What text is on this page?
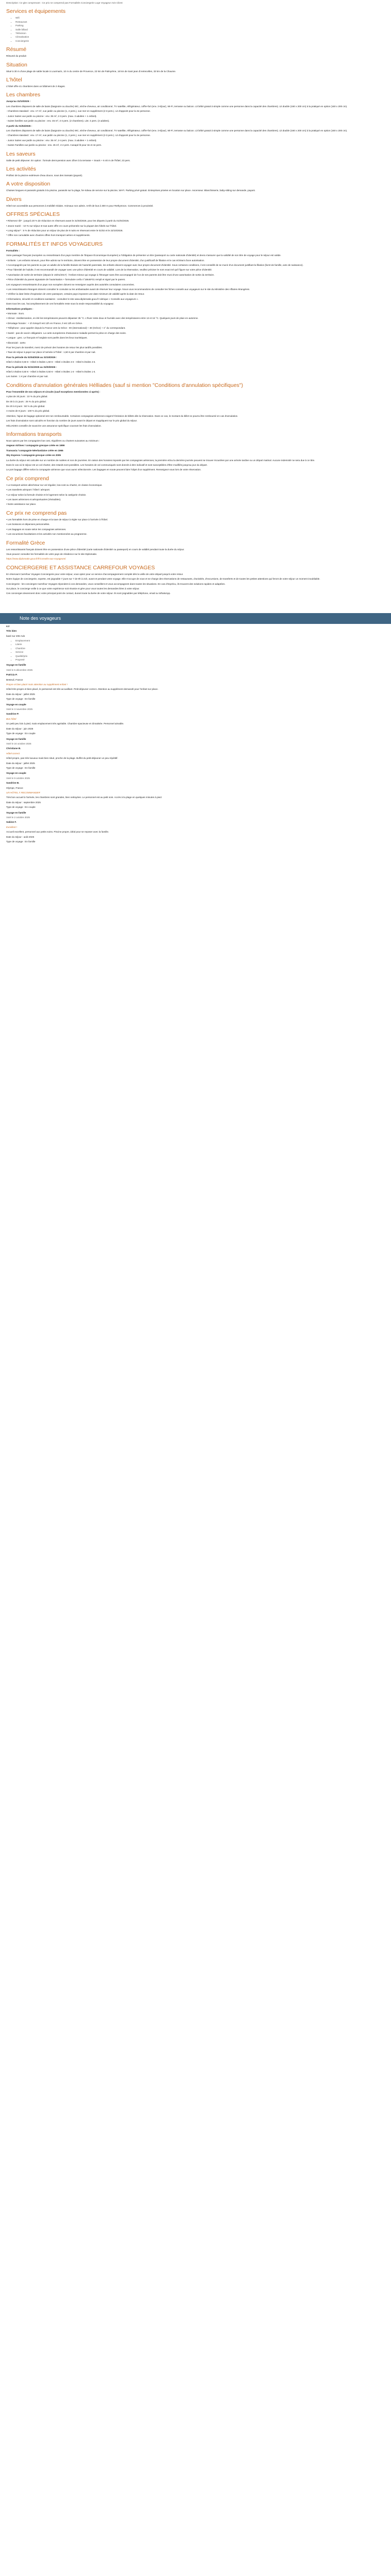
Description: Ce gite comprenant : Ce prix ne comprend pas Formalités Conciergerie Loge Voyageur Avis Client

Services et équipements
• Wifi
• Restaurant
• Parking
• Salle billard
• Télévision
• Climatisation
• Conciergerie
Résumé

Résumé du produit

Situation

Situé à 30 m d'une plage de sable locale à Lourmarin, 10 m du centre de Provence, 22 km de Palmyrène, 16 km de Sant jean d'Aetrecelles, 33 km de la Chaume.

L'hôtel

L'hôtel offre 41 chambres dans un bâtiment de 2 étages.

Les chambres

Jusqu'au 31/10/2025 :

Les chambres disposent de salle de bains (baignoire ou douche) WC, sèche-cheveux, air conditionné, TV satellite, réfrigérateur, coffre-fort (env. 3 €/jour), Wi-Fi, terrasse ou balcon. Lit bébé gratuit à simple comme une personne dans la capacité des chambres). Lit double (160 x 200 cm) à la pratiqué en option (160 x 200 cm).

- Chambres standard : env. 17 m², vue jardin ou piscine (1, 2 pers.), vue mer en supplément (2-3 pers.). Lit d'appoint pour la 3e personne.

- Junior Suites vue jardin ou piscine : env. 35 m², 2-3 pers. (max. 3 adultes + 1 enfant).

- Suites familles vue jardin ou piscine : env. 45 m², 2-4 pers. (2 chambres). Lits: 4 pers. (4 adultes).

A partir du 01/04/2026 :

Les chambres disposent de salle de bains (baignoire ou douche) WC, sèche-cheveux, air conditionné, TV satellite, réfrigérateur, coffre-fort (env. 3 €/jour), Wi-Fi, terrasse ou balcon. Lit bébé gratuit à simple comme une personne dans la capacité des chambres). Lit double (160 x 200 cm) à la pratiqué en option (160 x 200 cm).

- Chambres standard : env. 17 m², vue jardin ou piscine (1, 2 pers.), vue mer en supplément (2-3 pers.). Lit d'appoint pour la 3e personne.

- Junior Suites vue jardin ou piscine : env. 35 m², 2-4 pers. (max. 3 adultes + 1 enfant).

- Suites Familles vue jardin ou piscine : env. 45 m², 2-4 pers. Canapé-lit pour 3e et 4e pers.

Les saveurs

Salle de petit déjeuner. En option : formule demi-pension avec dîner à la terrasse + Snack + 6 40 m de l'hôtel, 23 pers.

Les activités

Profitez de la piscine extérieure d'eau douce, sous des transats (payant).

A votre disposition

Chaises longues et parasols gratuits à la piscine, parasols sur la plage, fer-rideau de service sur la piscine, Wi-Fi. Parking privé gratuit. Entreprises privées en location sur place. Ascenseur. Blanchisserie, baby-sitting sur demande, payant.

Divers

Hôtel non accessible aux personnes à mobilité réduite. Animaux non admis. Arrêt de bus à 300 m pour Rethymnon. Commerces à proximité.

OFFRES SPÉCIALES

• Réservez tôt* : jusqu'à 20 % de réduction en réservant avant le 31/03/2026, pour les départs à partir du 01/04/2026.

• Jeune marié : -10 % sur séjour et tout autre offre en cours présentée sur la plupart des hôtels sur l'hôtel.

• Long séjour* : 5 % de réduction pour un séjour de plus de 8 nuits en réservant entre le 01/02 et le 22/10/2026.

* Offre non cumulable avec d'autres offres hors transport aérien et suppléments.

FORMALITÉS ET INFOS VOYAGEURS

Formalités :

Votre passager français (européen ou ressortissant d'un pays membre de l'Espace Économique Européen) a l'obligation de présenter un titre (passeport ou carte nationale d'identité) et devra s'assurer que la validité de son titre de voyage pour le séjour est valide.

• Enfants : Les enfants mineurs, pour être admis sur le territoire, doivent être en possession de leur propre document d'identité, d'un justificatif de filiation et le cas échéant d'une autorisation.

• Accompagnés par les parents ou par un adulte de la famille titulaire de l'autorité parentale, les enfants doivent voyager avec leur propre document d'identité. Sous certaines conditions, il est conseillé de se munir d'un document justifiant la filiation (livret de famille, acte de naissance).

• Pour l'identité de l'adulte, il est recommandé de voyager avec une pièce d'identité en cours de validité. Lors de la réservation, veuillez préciser le nom exact tel qu'il figure sur votre pièce d'identité.

• Autorisation de sortie de territoire (depuis le 15/01/2017) : l'enfant mineur qui voyage à l'étranger sans être accompagné de l'un de ses parents doit être muni d'une autorisation de sortie du territoire.

• Pièce d'identité du parent signataire de l'autorisation + formulaire cerfa n°15646*01 rempli et signé par le parent.

Les voyageurs ressortissants d'un pays non européen doivent se renseigner auprès des autorités consulaires concernées.

• Les ressortissants étrangers doivent consulter le consulat ou les ambassades avant de réserver leur voyage. Nous vous recommandons de consulter les fiches conseils aux voyageurs sur le site du Ministère des Affaires étrangères.

• Vérifiez la date limite d'expiration de votre passeport, certains pays imposent une date minimum de validité après la date de retour.

• Informations, sécurité et conditions sanitaires : consultez le site www.diplomatie.gouv.fr rubrique « Conseils aux voyageurs ».

Dans tous les cas, l'accomplissement de ces formalités reste sous la seule responsabilité du voyageur.

Informations pratiques :

• Monnaie : Euro.

• Climat : méditerranéen, en été les températures peuvent dépasser 35 °C. L'hiver reste doux et humide avec des températures entre 12 et 16 °C. Quelques jours de pluie en automne.

• Décalage horaire : + 1h lorsqu'il est 12h en France, il est 13h en Grèce.

• Téléphone : pour appeler depuis la France vers la Grèce : 00 (international) + 30 (Grèce) + n° du correspondant.

• Santé : pas de vaccin obligatoire. La carte européenne d'assurance maladie permet la prise en charge des soins.

• Langue : grec. Le français et l'anglais sont parlés dans les lieux touristiques.

• Électricité : 220V.

Pour les jours de transfert, merci de prévoir des horaires de retour les plus tardifs possibles.

• Taxe de séjour à payer sur place à l'arrivée à l'hôtel : 1,50 € par chambre et par nuit.

Pour la période du 01/04/2026 au 31/10/2026 :

Hôtel 2 étoiles 0,50 € - Hôtel 3 étoiles 1,50 € - Hôtel 4 étoiles 3 € - Hôtel 5 étoiles 4 €.

Pour la période du 01/11/2025 au 31/03/2026 :

Hôtel 2 étoiles 0,50 € - Hôtel 3 étoiles 0,50 € - Hôtel 4 étoiles 1 € - Hôtel 5 étoiles 1 €.

Les Suites : 1 € par chambre et par nuit.

Conditions d'annulation générales Hélliades (sauf si mention "Conditions d'annulation spécifiques")

Pour l'ensemble de nos séjours et circuits (sauf exceptions mentionnées ci-après) :

A plus de 30 jours : 10 % du prix global.

De 30 à 21 jours : 25 % du prix global.

De 20 à 8 jours : 50 % du prix global.

A moins de 8 jours : 100 % du prix global.

Attention, l'ajout de bagage optionnel est non remboursable. Certaines compagnies aériennes exigent l'émission de billets dès la réservation. Dans ce cas, le montant du billet ne pourra être remboursé en cas d'annulation.

Les frais d'annulation sont calculés en fonction du nombre de jours avant le départ et s'appliquent sur le prix global du séjour.

HÉLIADES conseille de souscrire une assurance spécifique couvrant les frais d'annulation.

Informations transports

Nous optons par les compagnies low cost, régulières ou charters suivantes au minimum :

Aegean Airlines / compagnie grecque créée en 1999

Transavia / compagnie Néerlandaise créée en 1965

Sky Express / compagnie grecque créée en 2005

La durée du séjour est calculée sur un nombre de nuitées et non de journées. En raison des horaires imposés par les compagnies aériennes, la première et/ou la dernière journée peuvent se trouver écourtées par une arrivée tardive ou un départ matinal. Aucune indemnité ne sera due à ce titre.

Dans le cas où le séjour est un vol charter, des retards sont possibles. Les horaires de vol communiqués sont donnés à titre indicatif et sont susceptibles d'être modifiés jusqu'au jour du départ.

Le port bagage diffère selon la compagnie aérienne que vous aurez sélectionnée. Les bagages en soute peuvent faire l'objet d'un supplément. Renseignez-vous lors de votre réservation.

Ce prix comprend

• Le transport aérien aller/retour sur vol régulier, low-cost ou charter, en classe économique.

• Les transferts aéroport / hôtel / aéroport.

• Le séjour selon la formule choisie et le logement selon la catégorie choisie.

• Les taxes aériennes et aéroportuaires (révisables).

• Notre assistance sur place.

Ce prix ne comprend pas

• Les formalités hors de prise en charge et la taxe de séjour à régler sur place à l'arrivée à l'hôtel.

• Les boissons et dépenses personnelles.

• Les bagages en soute selon les compagnies aériennes.

• Les excursions facultatives et les activités non mentionnées au programme.

Formalité Grèce

Les ressortissants français doivent être en possession d'une pièce d'identité (carte nationale d'identité ou passeport) en cours de validité pendant toute la durée du séjour.

Vous pouvez consulter les formalités de votre pays de résidence sur le site Diplomatie.

https://www.diplomatie.gouv.fr/fr/conseils-aux-voyageurs/

CONCIERGERIE ET ASSISTANCE CARREFOUR VOYAGES

En réservant Carrefour Voyages Conciergerie pour votre séjour, vous optez pour un service d'accompagnement complet dès la veille de votre départ jusqu'à votre retour.

Notre équipe de conciergerie, experte, est joignable 7 jours sur 7 de 9h à 21h, avant et pendant votre voyage. Elle s'occupe de vous et se charge des réservations de restaurants, d'activités, d'excursions, de transferts et de toutes les petites attentions qui feront de votre séjour un moment inoubliable.

Conciergerie : les concierges Carrefour Voyages répondent à vos demandes, vous conseillent et vous accompagnent dans toutes les situations. En cas d'imprévu, ils trouvent des solutions rapides et adaptées.

Sur place, le concierge veille à ce que votre expérience soit réussie et gère pour vous toutes les demandes liées à votre séjour.

Ces concierges deviennent donc votre principal point de contact, durant toute la durée de votre séjour. Ils sont joignables par téléphone, email ou WhatsApp.

Note des voyageurs

4.2

Très bien

basé sur 206 Avis

• Emplacement
• Literie
• Chambre
• Service
• Qualité/prix
• Propreté

Voyage en famille

Voté le 5 décembre 2025

Patricia P.

Breteuil, France

Propre et bien placé mais attention au supplément enfant !

Hôtel très propre et bien placé, le personnel est très accueillant. Petit-déjeuner correct. Attention au supplément demandé pour l'enfant sur place.

Date du séjour : juillet 2025

Type de voyage : En famille

Voyage en couple

Voté le 3 novembre 2025

Sandrine P.

Bon hôtel

Un petit peu loin à pied, mais emplacement très agréable. Chambre spacieuse et climatisée. Personnel aimable.

Date du séjour : juin 2025

Type de voyage : En couple

Voyage en famille

Voté le 24 octobre 2025

Christiane B.

Hôtel correct

Hôtel propre, pas très luxueux mais bien situé, proche de la plage. Buffet du petit-déjeuner un peu répétitif.

Date du séjour : juillet 2025

Type de voyage : En famille

Voyage en couple

Voté le 9 octobre 2025

Sandrine B.

Olympe, France

UN HÔTEL À RECOMMANDER

Très bon accueil à l'arrivée, les chambres sont grandes, bien nettoyées. Le personnel est au petit soin. Accès à la plage en quelques minutes à pied.

Date du séjour : septembre 2025

Type de voyage : En couple

Voyage en famille

Voté le 2 octobre 2025

Sabine F.

Excellent !

Accueil excellent, personnel aux petits soins. Piscine propre, idéal pour se reposer avec la famille.

Date du séjour : août 2025

Type de voyage : En famille
